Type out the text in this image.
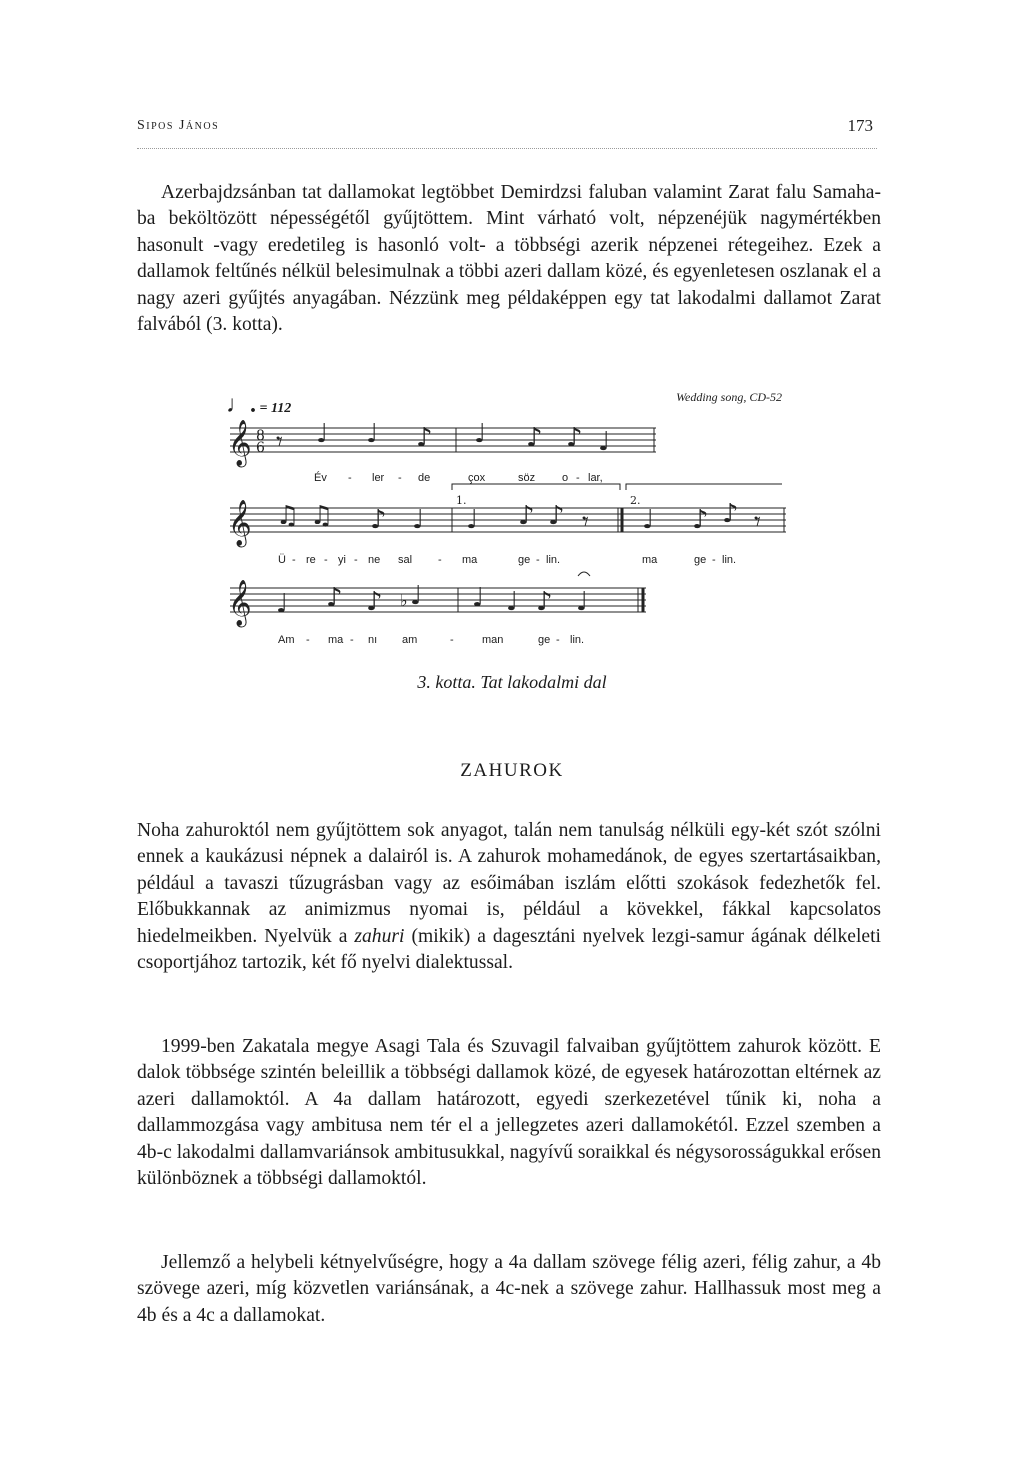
Sipos János	173

Azerbajdzsánban tat dallamokat legtöbbet Demirdzsi faluban valamint Zarat falu Samaha-ba beköltözött népességétől gyűjtöttem. Mint várható volt, népzenéjük nagymértékben hasonult -vagy eredetileg is hasonló volt- a többségi azerik népzenei rétegeihez. Ezek a dallamok feltűnés nélkül belesimulnak a többi azeri dallam közé, és egyenletesen oszlanak el a nagy azeri gyűjtés anyagában. Nézzünk meg példaképpen egy tat lakodalmi dallamot Zarat falvából (3. kotta).

♩. = 112
Wedding song, CD-52
𝄞 8
6
𝄞
𝄞
1.	2.
𝄾 ♩ ♩ ♪ ♩ ♪ ♪ ♩
♫ ♫ ♪ ♩ ♩ ♪ ♪ 𝄾 ♩ ♪ ♪ 𝄾
♩ ♪ ♪ ♭ ♩ ♩ ♩ ♪ ♩
Év - ler - de	çox	söz o - lar,
Ü - re - yi - ne sal - ma	ge - lin.	ma	ge - lin.
Am - ma - nı am	-	man	ge - lin.
3. kotta. Tat lakodalmi dal
ZAHUROK

Noha zahuroktól nem gyűjtöttem sok anyagot, talán nem tanulság nélküli egy-két szót szólni ennek a kaukázusi népnek a dalairól is. A zahurok mohamedánok, de egyes szertartásaikban, például a tavaszi tűzugrásban vagy az esőimában iszlám előtti szokások fedezhetők fel. Előbukkannak az animizmus nyomai is, például a kövekkel, fákkal kapcsolatos hiedelmeikben. Nyelvük a zahuri (mikik) a dagesztáni nyelvek lezgi-samur ágának délkeleti csoportjához tartozik, két fő nyelvi dialektussal.

1999-ben Zakatala megye Asagi Tala és Szuvagil falvaiban gyűjtöttem zahurok között. E dalok többsége szintén beleillik a többségi dallamok közé, de egyesek határozottan eltérnek az azeri dallamoktól. A 4a dallam határozott, egyedi szerkezetével tűnik ki, noha a dallammozgása vagy ambitusa nem tér el a jellegzetes azeri dallamokétól. Ezzel szemben a 4b-c lakodalmi dallamvariánsok ambitusukkal, nagyívű soraikkal és négysorosságukkal erősen különböznek a többségi dallamoktól.

Jellemző a helybeli kétnyelvűségre, hogy a 4a dallam szövege félig azeri, félig zahur, a 4b szövege azeri, míg közvetlen variánsának, a 4c-nek a szövege zahur. Hallhassuk most meg a 4b és a 4c a dallamokat.
